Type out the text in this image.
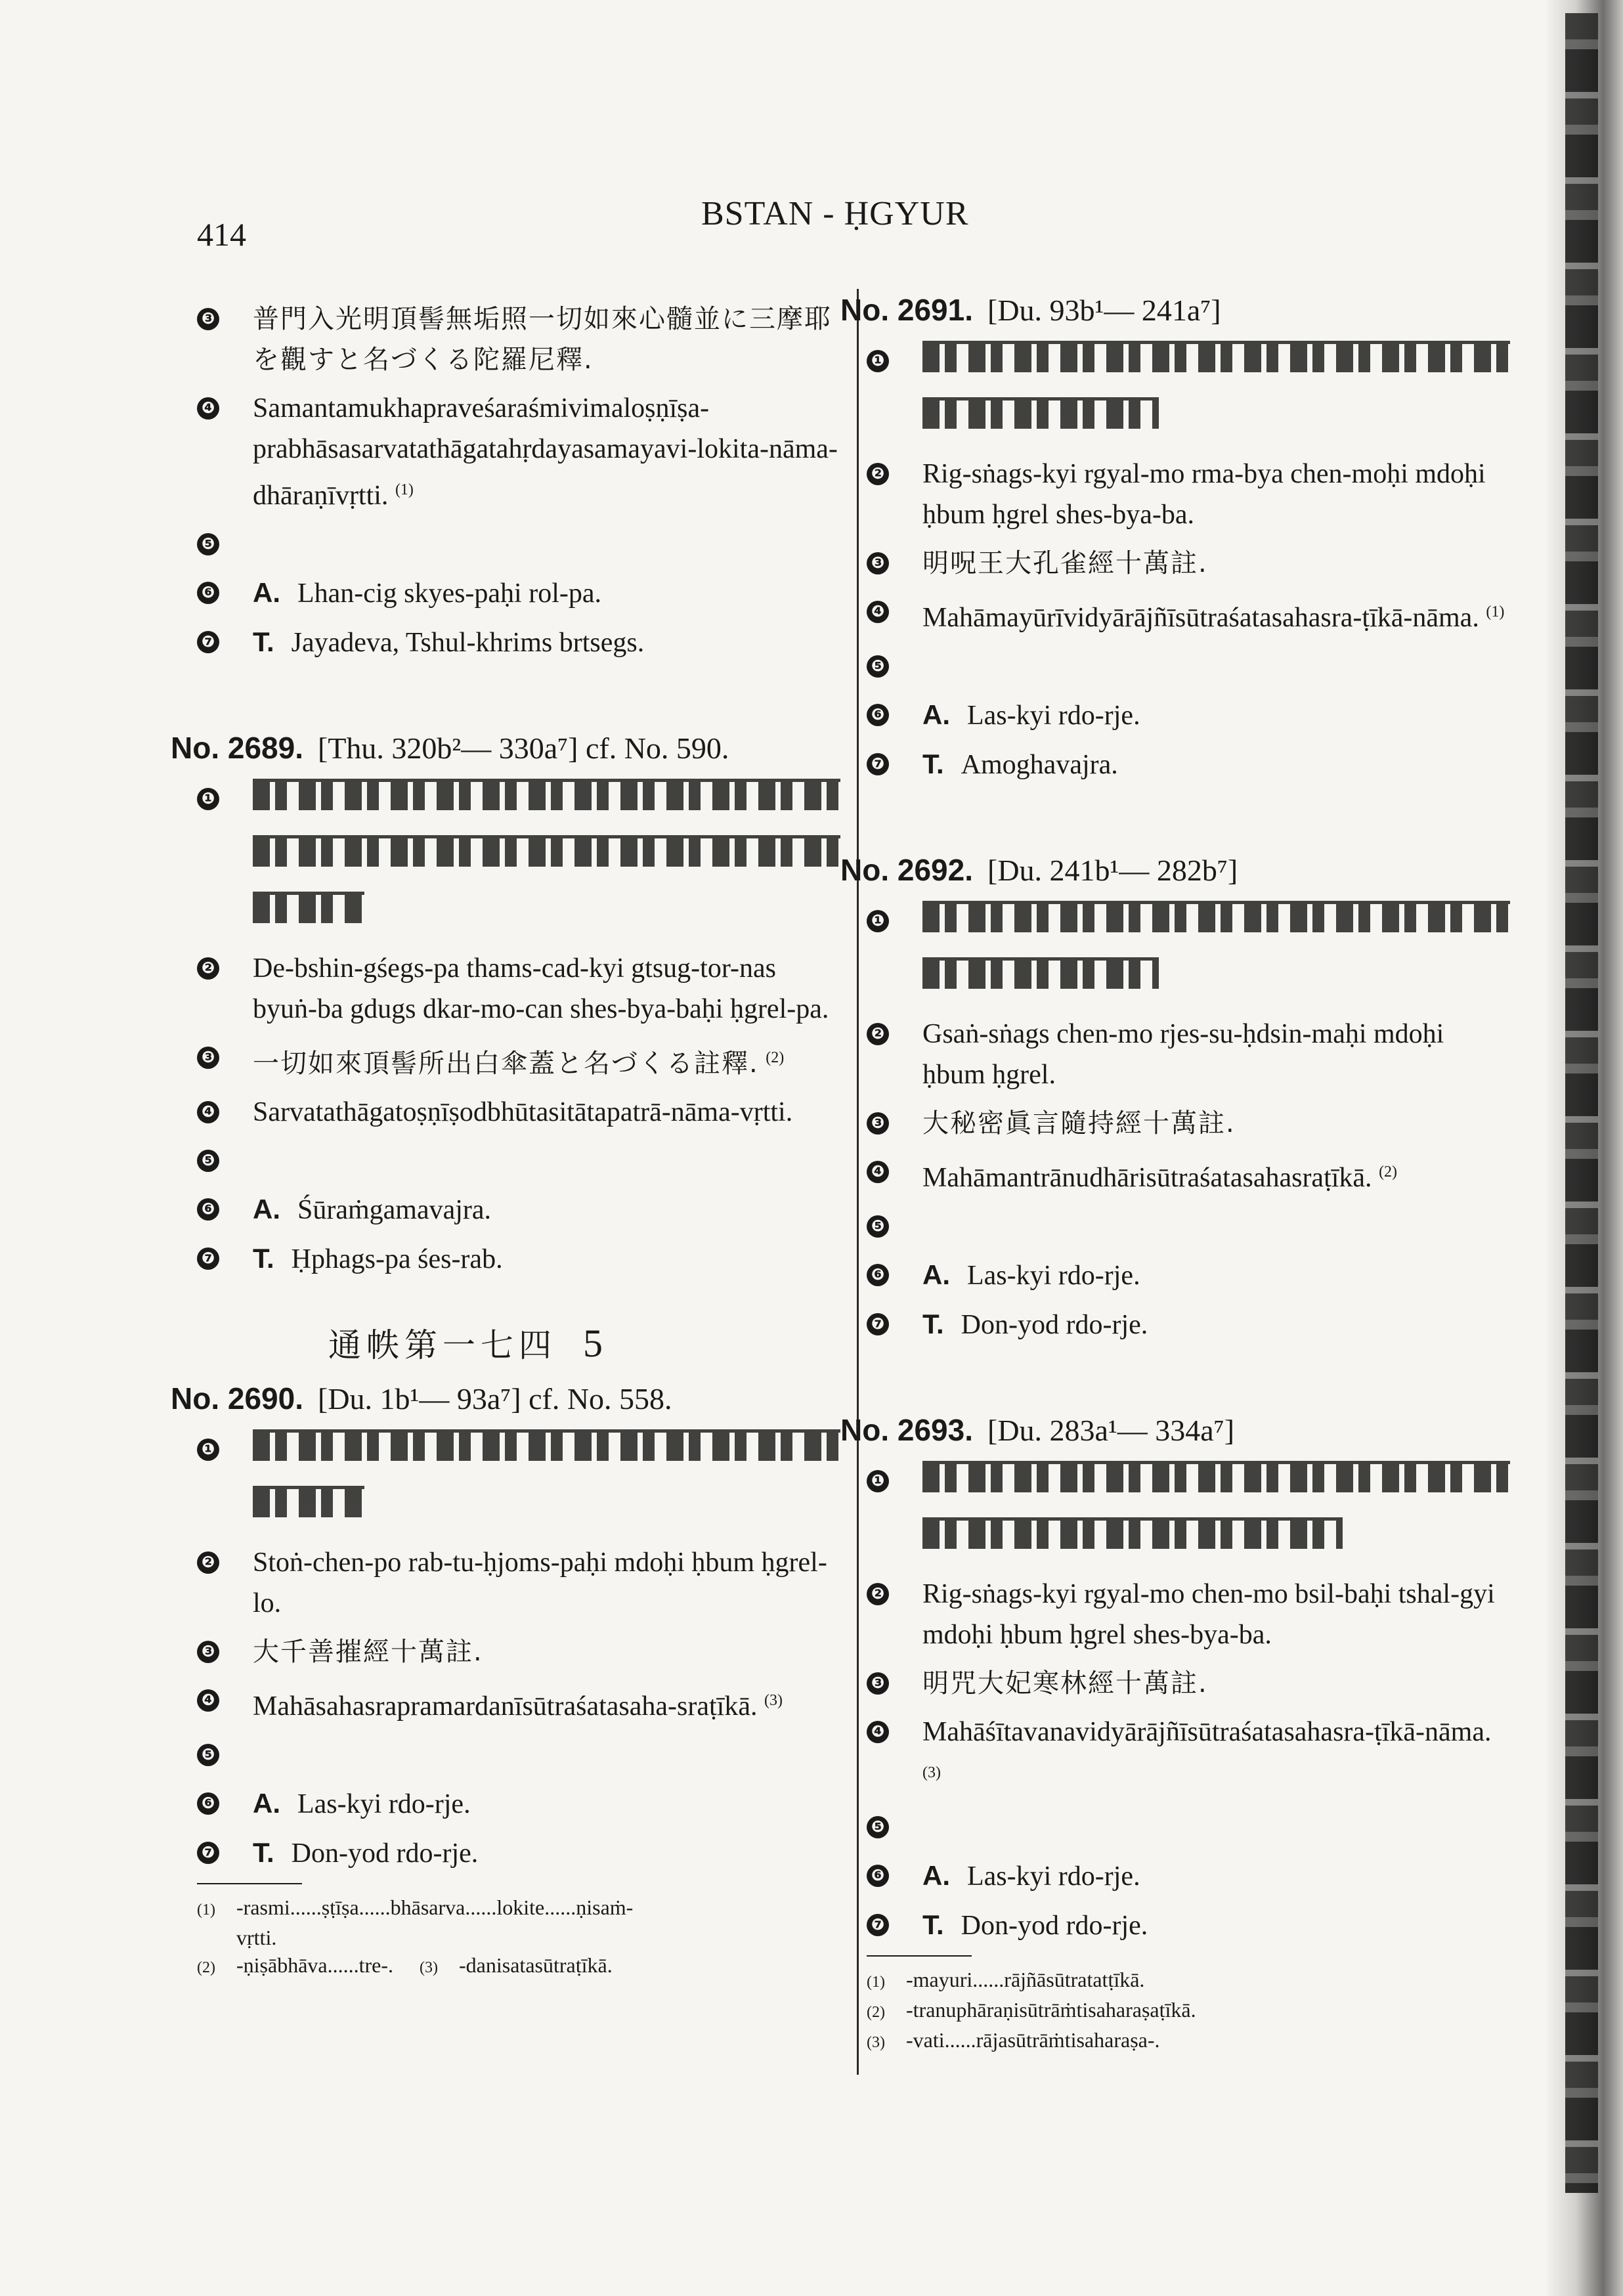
414
BSTAN - ḤGYUR
❸ 普門入光明頂髻無垢照一切如來心髓並に三摩耶を觀すと名づくる陀羅尼釋.
❹ Samantamukhapraveśaraśmivimaloṣṇīṣa-prabhāsasarvatathāgatahṛdayasamayavi-lokita-nāma-dhāraṇīvṛtti. $^{(1)}$
❺
❻ A. Lhan-cig skyes-paḥi rol-pa.
❼ T. Jayadeva, Tshul-khrims brtsegs.
No. 2689. [Thu. 320b²— 330a⁷] cf. No. 590.
❶
❷ De-bshin-gśegs-pa thams-cad-kyi gtsug-tor-nas byuṅ-ba gdugs dkar-mo-can shes-bya-baḥi ḥgrel-pa.
❸ 一切如來頂髻所出白傘蓋と名づくる註釋. $^{(2)}$
❹ Sarvatathāgatoṣṇīṣodbhūtasitātapatrā-nāma-vṛtti.
❺
❻ A. Śūraṁgamavajra.
❼ T. Ḥphags-pa śes-rab.
通帙第一七四 5
No. 2690. [Du. 1b¹— 93a⁷] cf. No. 558.
❶
❷ Stoṅ-chen-po rab-tu-ḥjoms-paḥi mdoḥi ḥbum ḥgrel-lo.
❸ 大千善摧經十萬註.
❹ Mahāsahasrapramardanīsūtraśatasaha-sraṭīkā. $^{(3)}$
❺
❻ A. Las-kyi rdo-rje.
❼ T. Don-yod rdo-rje.
(1) -rasmi......ṣṭīṣa......bhāsarva......lokite......ṇisaṁ-
vṛtti.
(2) -ṇiṣābhāva......tre-. (3) -danisatasūtraṭīkā.
No. 2691. [Du. 93b¹— 241a⁷]
❶
❷ Rig-sṅags-kyi rgyal-mo rma-bya chen-moḥi mdoḥi ḥbum ḥgrel shes-bya-ba.
❸ 明呪王大孔雀經十萬註.
❹ Mahāmayūrīvidyārājñīsūtraśatasahasra-ṭīkā-nāma. $^{(1)}$
❺
❻ A. Las-kyi rdo-rje.
❼ T. Amoghavajra.
No. 2692. [Du. 241b¹— 282b⁷]
❶
❷ Gsaṅ-sṅags chen-mo rjes-su-ḥdsin-maḥi mdoḥi ḥbum ḥgrel.
❸ 大秘密眞言隨持經十萬註.
❹ Mahāmantrānudhārisūtraśatasahasraṭīkā. $^{(2)}$
❺
❻ A. Las-kyi rdo-rje.
❼ T. Don-yod rdo-rje.
No. 2693. [Du. 283a¹— 334a⁷]
❶
❷ Rig-sṅags-kyi rgyal-mo chen-mo bsil-baḥi tshal-gyi mdoḥi ḥbum ḥgrel shes-bya-ba.
❸ 明咒大妃寒林經十萬註.
❹ Mahāśītavanavidyārājñīsūtraśatasahasra-ṭīkā-nāma. $^{(3)}$
❺
❻ A. Las-kyi rdo-rje.
❼ T. Don-yod rdo-rje.
(1) -mayuri......rājñāsūtratatṭīkā.
(2) -tranuphāraṇisūtrāṁtisaharaṣaṭīkā.
(3) -vati......rājasūtrāṁtisaharaṣa-.
